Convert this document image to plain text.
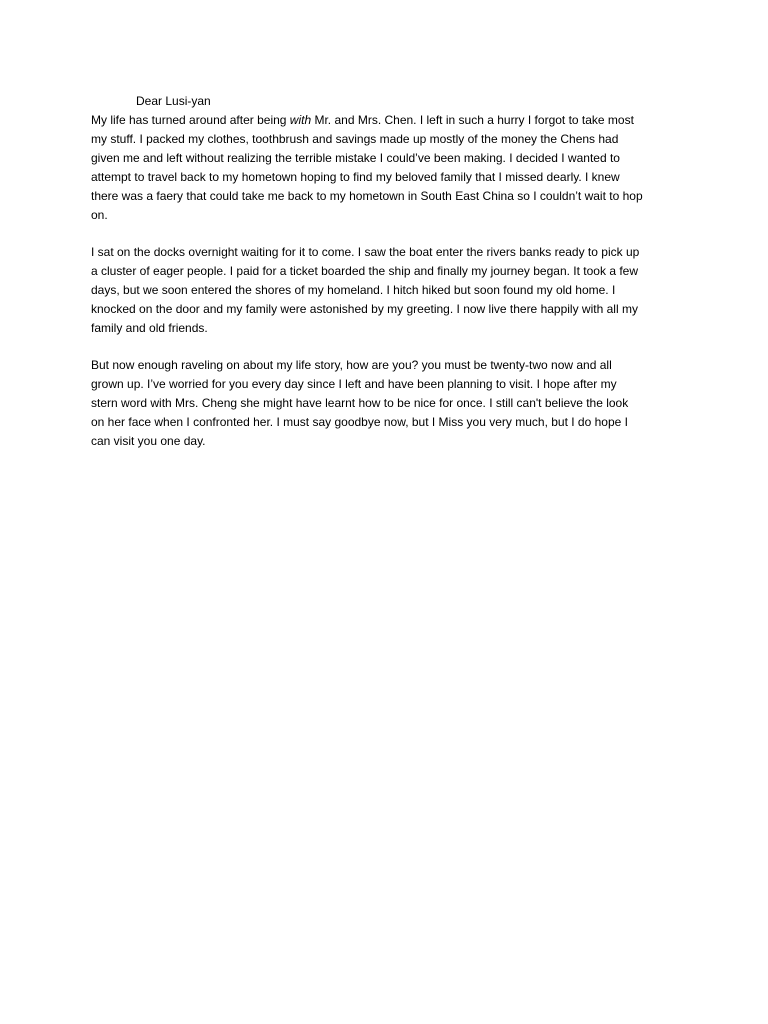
Dear Lusi-yan

My life has turned around after being with Mr. and Mrs. Chen. I left in such a hurry I forgot to take most
my stuff. I packed my clothes, toothbrush and savings made up mostly of the money the Chens had
given me and left without realizing the terrible mistake I could’ve been making. I decided I wanted to
attempt to travel back to my hometown hoping to find my beloved family that I missed dearly. I knew
there was a faery that could take me back to my hometown in South East China so I couldn’t wait to hop
on.

I sat on the docks overnight waiting for it to come. I saw the boat enter the rivers banks ready to pick up
a cluster of eager people. I paid for a ticket boarded the ship and finally my journey began. It took a few
days, but we soon entered the shores of my homeland. I hitch hiked but soon found my old home. I
knocked on the door and my family were astonished by my greeting. I now live there happily with all my
family and old friends.

But now enough raveling on about my life story, how are you? you must be twenty-two now and all
grown up. I’ve worried for you every day since I left and have been planning to visit. I hope after my
stern word with Mrs. Cheng she might have learnt how to be nice for once. I still can't believe the look
on her face when I confronted her. I must say goodbye now, but I Miss you very much, but I do hope I
can visit you one day.
